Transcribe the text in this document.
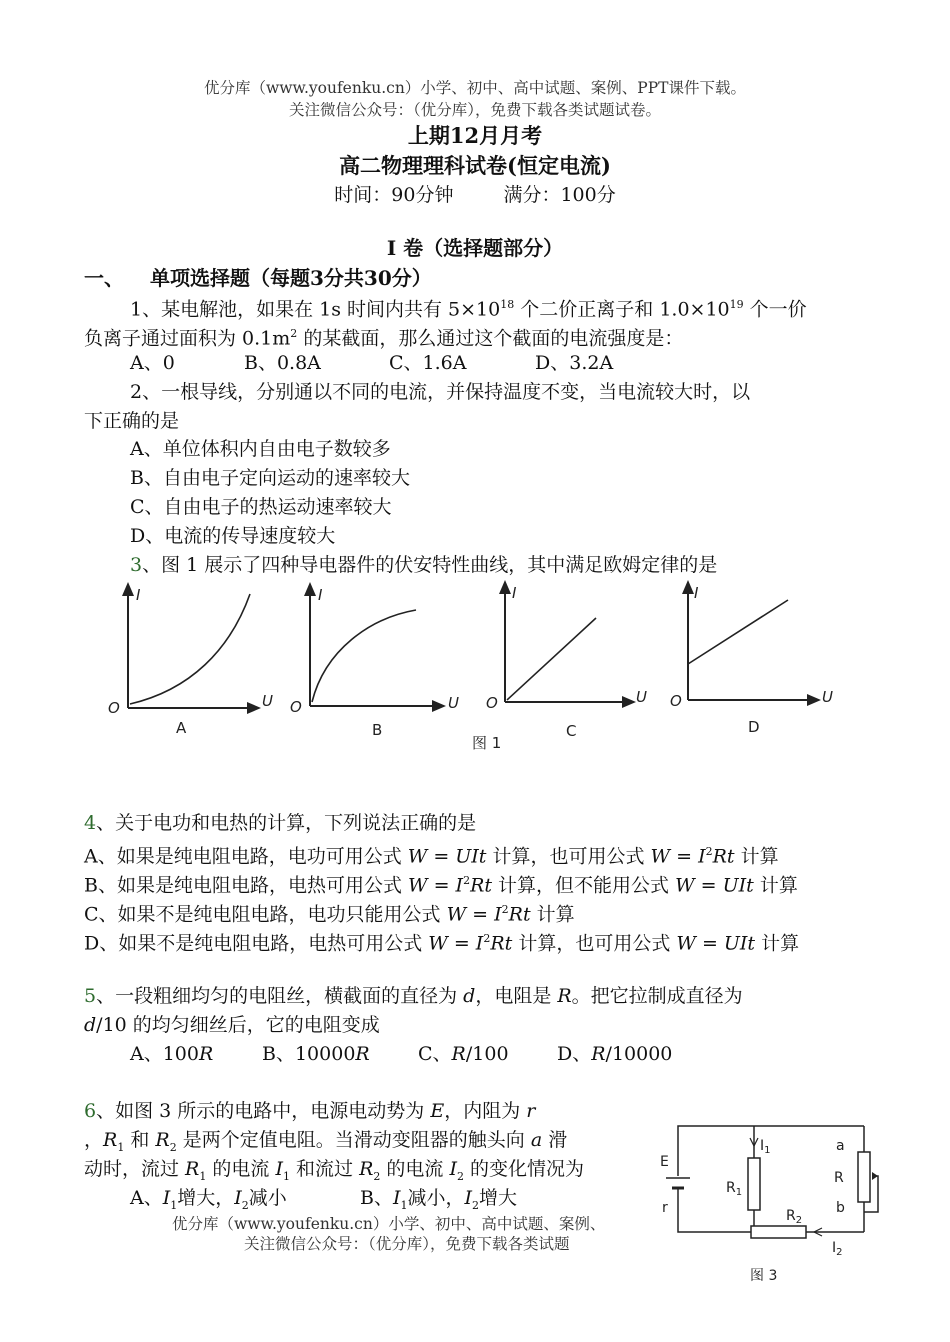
优分库（www.youfenku.cn）小学、初中、高中试题、案例、PPT课件下载。
关注微信公众号：（优分库），免费下载各类试题试卷。
上期12月月考
高二物理理科试卷(恒定电流)
时间：90分钟	满分：100分
Ⅰ 卷（选择题部分）
一、 单项选择题（每题3分共30分）
1、某电解池，如果在 1s 时间内共有 $5\times 10^{18}$ 个二价正离子和 $1.0\times 10^{19}$ 个一价
负离子通过面积为 $0.1m^2$ 的某截面，那么通过这个截面的电流强度是：
A、0	B、0.8A	C、1.6A	D、3.2A
2、一根导线，分别通以不同的电流，并保持温度不变，当电流较大时，以
下正确的是
A、单位体积内自由电子数较多
B、自由电子定向运动的速率较大
C、自由电子的热运动速率较大
D、电流的传导速度较大
3、图 1 展示了四种导电器件的伏安特性曲线，其中满足欧姆定律的是
I
U
O
A
I
U
O
B
I
U
O
C
图 1
I
U
O
D
4、关于电功和电热的计算，下列说法正确的是
A、如果是纯电阻电路，电功可用公式 W = UIt 计算，也可用公式 $W = I^2Rt$ 计算
B、如果是纯电阻电路，电热可用公式 $W = I^2Rt$ 计算，但不能用公式 W = UIt 计算
C、如果不是纯电阻电路，电功只能用公式 $W = I^2Rt$ 计算
D、如果不是纯电阻电路，电热可用公式 $W = I^2Rt$ 计算，也可用公式 W = UIt 计算
5、一段粗细均匀的电阻丝，横截面的直径为 d，电阻是 R。把它拉制成直径为
d/10 的均匀细丝后，它的电阻变成
A、100R	B、10000R	C、R/100	D、R/10000
6、如图 3 所示的电路中，电源电动势为 E，内阻为 r
，$R_1$ 和 $R_2$ 是两个定值电阻。当滑动变阻器的触头向 a 滑
动时，流过 $R_1$ 的电流 $I_1$ 和流过 $R_2$ 的电流 $I_2$ 的变化情况为
A、$I_1$增大，$I_2$减小	B、$I_1$减小，$I_2$增大
E
r
$I_1$
$R_1$
$R_2$
$I_2$
a
R
b
图 3
优分库（www.youfenku.cn）小学、初中、高中试题、案例、
关注微信公众号：（优分库），免费下载各类试题
